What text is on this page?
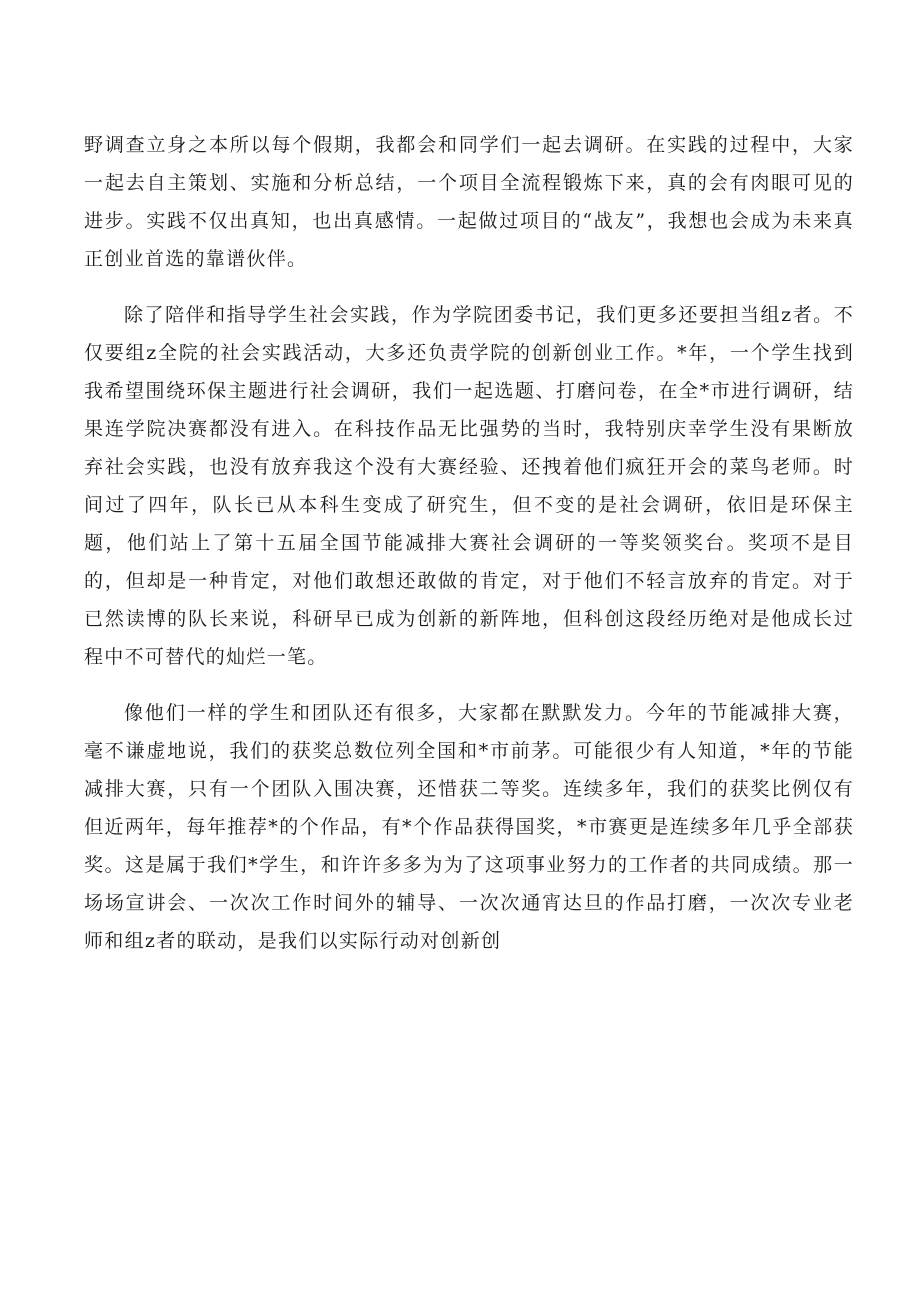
野调查立身之本所以每个假期，我都会和同学们一起去调研。在实践的过程中，大家一起去自主策划、实施和分析总结，一个项目全流程锻炼下来，真的会有肉眼可见的进步。实践不仅出真知，也出真感情。一起做过项目的“战友”，我想也会成为未来真正创业首选的靠谱伙伴。

除了陪伴和指导学生社会实践，作为学院团委书记，我们更多还要担当组z者。不仅要组z全院的社会实践活动，大多还负责学院的创新创业工作。*年，一个学生找到我希望围绕环保主题进行社会调研，我们一起选题、打磨问卷，在全*市进行调研，结果连学院决赛都没有进入。在科技作品无比强势的当时，我特别庆幸学生没有果断放弃社会实践，也没有放弃我这个没有大赛经验、还拽着他们疯狂开会的菜鸟老师。时间过了四年，队长已从本科生变成了研究生，但不变的是社会调研，依旧是环保主题，他们站上了第十五届全国节能减排大赛社会调研的一等奖领奖台。奖项不是目的，但却是一种肯定，对他们敢想还敢做的肯定，对于他们不轻言放弃的肯定。对于已然读博的队长来说，科研早已成为创新的新阵地，但科创这段经历绝对是他成长过程中不可替代的灿烂一笔。

像他们一样的学生和团队还有很多，大家都在默默发力。今年的节能减排大赛，毫不谦虚地说，我们的获奖总数位列全国和*市前茅。可能很少有人知道，*年的节能减排大赛，只有一个团队入围决赛，还惜获二等奖。连续多年，我们的获奖比例仅有但近两年，每年推荐*的个作品，有*个作品获得国奖，*市赛更是连续多年几乎全部获奖。这是属于我们*学生，和许许多多为为了这项事业努力的工作者的共同成绩。那一场场宣讲会、一次次工作时间外的辅导、一次次通宵达旦的作品打磨，一次次专业老师和组z者的联动，是我们以实际行动对创新创
